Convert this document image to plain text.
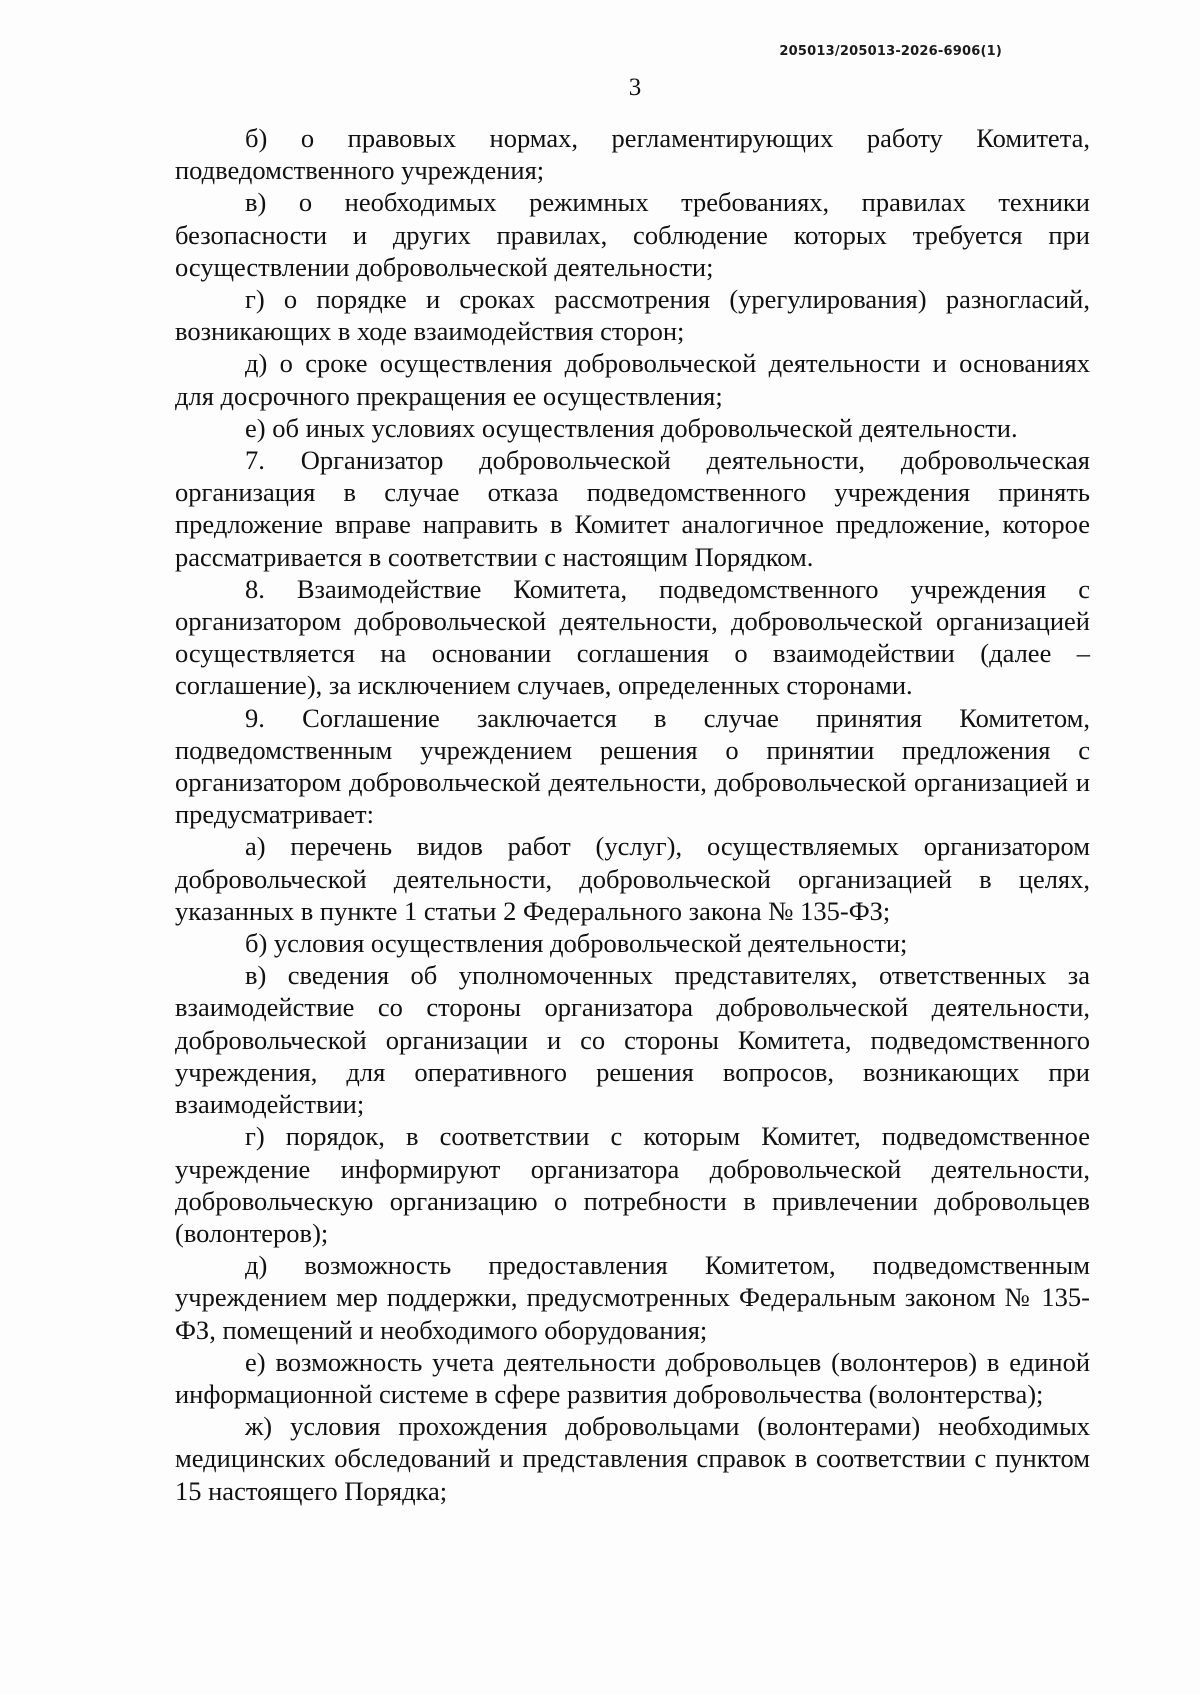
205013/205013-2026-6906(1)
3

б) о правовых нормах, регламентирующих работу Комитета, подведомственного учреждения;

в) о необходимых режимных требованиях, правилах техники безопасности и других правилах, соблюдение которых требуется при осуществлении добровольческой деятельности;

г) о порядке и сроках рассмотрения (урегулирования) разногласий, возникающих в ходе взаимодействия сторон;

д) о сроке осуществления добровольческой деятельности и основаниях для досрочного прекращения ее осуществления;

е) об иных условиях осуществления добровольческой деятельности.

7. Организатор добровольческой деятельности, добровольческая организация в случае отказа подведомственного учреждения принять предложение вправе направить в Комитет аналогичное предложение, которое рассматривается в соответствии с настоящим Порядком.

8. Взаимодействие Комитета, подведомственного учреждения с организатором добровольческой деятельности, добровольческой организацией осуществляется на основании соглашения о взаимодействии (далее – соглашение), за исключением случаев, определенных сторонами.

9. Соглашение заключается в случае принятия Комитетом, подведомственным учреждением решения о принятии предложения с организатором добровольческой деятельности, добровольческой организацией и предусматривает:

а) перечень видов работ (услуг), осуществляемых организатором добровольческой деятельности, добровольческой организацией в целях, указанных в пункте 1 статьи 2 Федерального закона № 135-ФЗ;

б) условия осуществления добровольческой деятельности;

в) сведения об уполномоченных представителях, ответственных за взаимодействие со стороны организатора добровольческой деятельности, добровольческой организации и со стороны Комитета, подведомственного учреждения, для оперативного решения вопросов, возникающих при взаимодействии;

г) порядок, в соответствии с которым Комитет, подведомственное учреждение информируют организатора добровольческой деятельности, добровольческую организацию о потребности в привлечении добровольцев (волонтеров);

д) возможность предоставления Комитетом, подведомственным учреждением мер поддержки, предусмотренных Федеральным законом № 135-ФЗ, помещений и необходимого оборудования;

е) возможность учета деятельности добровольцев (волонтеров) в единой информационной системе в сфере развития добровольчества (волонтерства);

ж) условия прохождения добровольцами (волонтерами) необходимых медицинских обследований и представления справок в соответствии с пунктом 15 настоящего Порядка;
